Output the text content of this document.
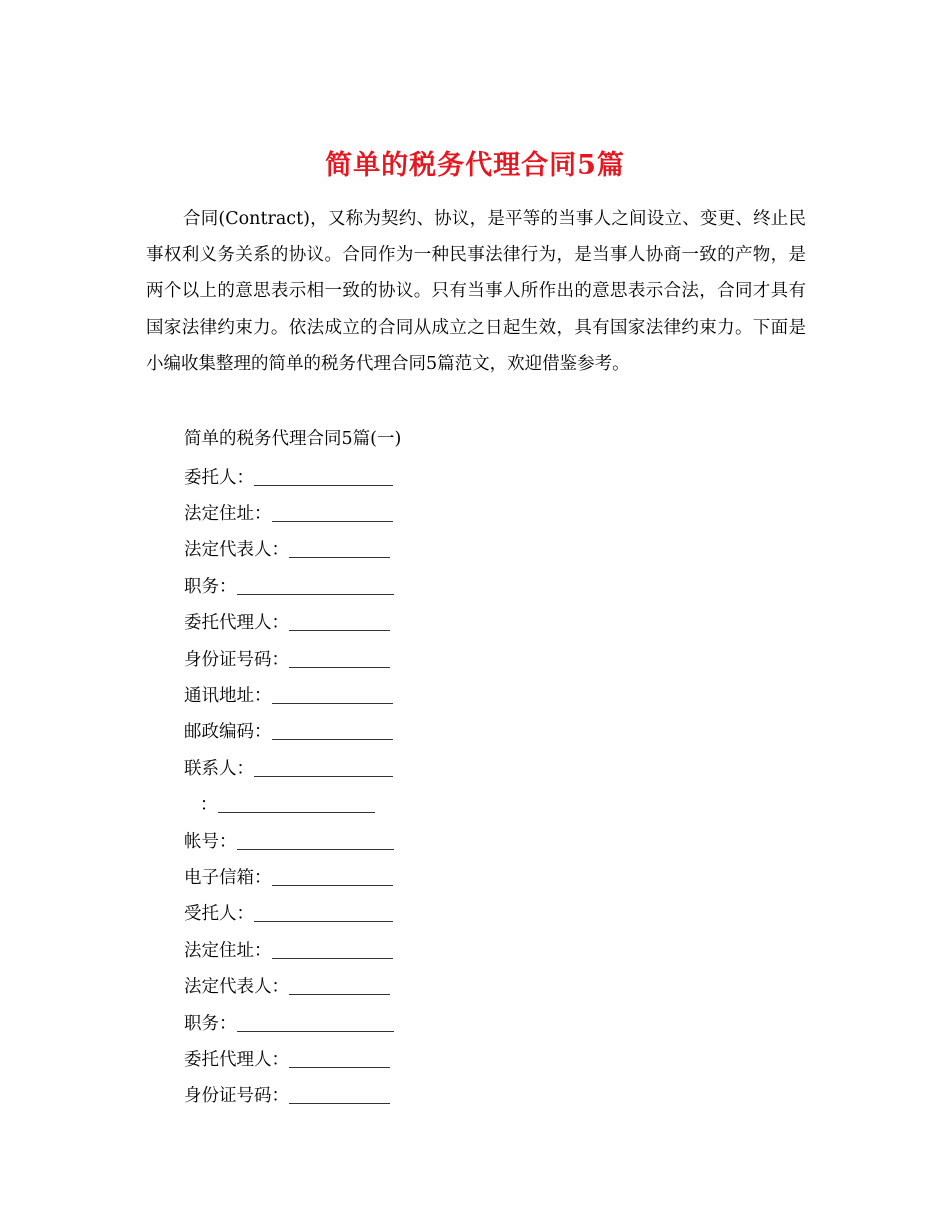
简单的税务代理合同5篇

合同(Contract)，又称为契约、协议，是平等的当事人之间设立、变更、终止民事权利义务关系的协议。合同作为一种民事法律行为，是当事人协商一致的产物，是两个以上的意思表示相一致的协议。只有当事人所作出的意思表示合法，合同才具有国家法律约束力。依法成立的合同从成立之日起生效，具有国家法律约束力。下面是小编收集整理的简单的税务代理合同5篇范文，欢迎借鉴参考。

简单的税务代理合同5篇(一)

委托人：
法定住址：
法定代表人：
职务：
委托代理人：
身份证号码：
通讯地址：
邮政编码：
联系人：
：
帐号：
电子信箱：
受托人：
法定住址：
法定代表人：
职务：
委托代理人：
身份证号码：
